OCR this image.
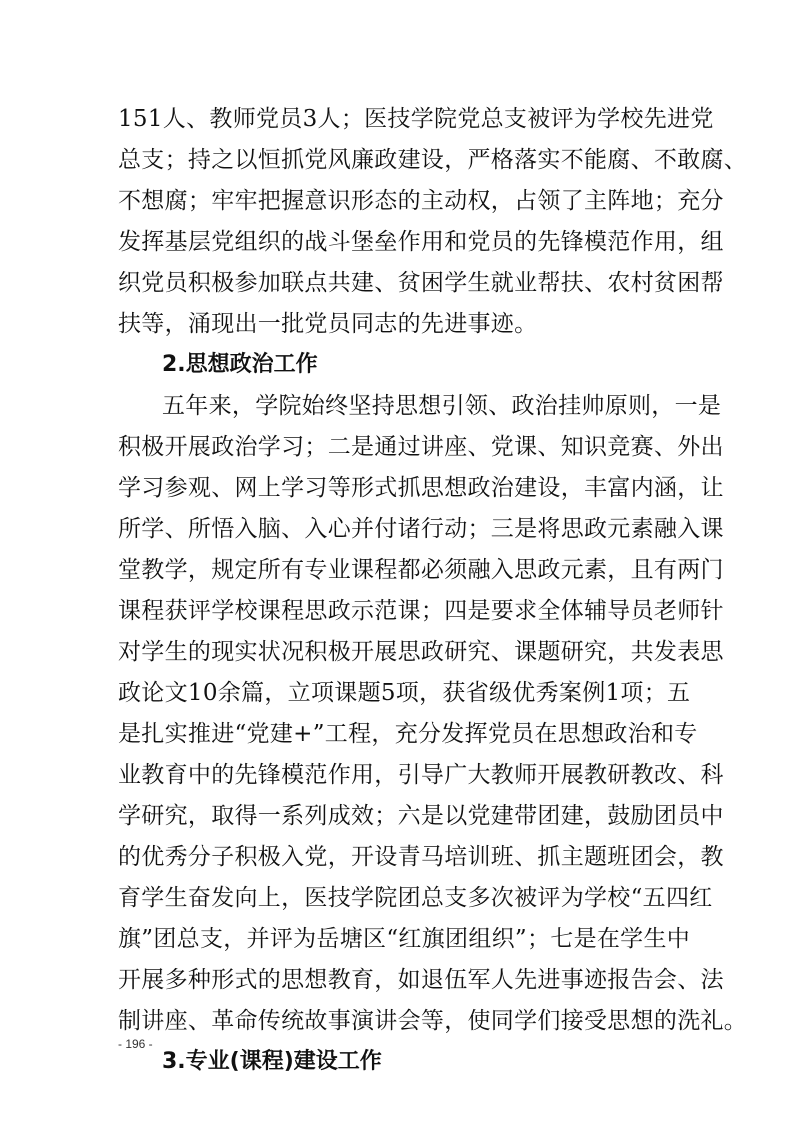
151人、教师党员3人；医技学院党总支被评为学校先进党
总支；持之以恒抓党风廉政建设，严格落实不能腐、不敢腐、
不想腐；牢牢把握意识形态的主动权，占领了主阵地；充分
发挥基层党组织的战斗堡垒作用和党员的先锋模范作用，组
织党员积极参加联点共建、贫困学生就业帮扶、农村贫困帮
扶等，涌现出一批党员同志的先进事迹。
2.思想政治工作
五年来，学院始终坚持思想引领、政治挂帅原则，一是
积极开展政治学习；二是通过讲座、党课、知识竞赛、外出
学习参观、网上学习等形式抓思想政治建设，丰富内涵，让
所学、所悟入脑、入心并付诸行动；三是将思政元素融入课
堂教学，规定所有专业课程都必须融入思政元素，且有两门
课程获评学校课程思政示范课；四是要求全体辅导员老师针
对学生的现实状况积极开展思政研究、课题研究，共发表思
政论文10余篇，立项课题5项，获省级优秀案例1项；五
是扎实推进“党建+”工程，充分发挥党员在思想政治和专
业教育中的先锋模范作用，引导广大教师开展教研教改、科
学研究，取得一系列成效；六是以党建带团建，鼓励团员中
的优秀分子积极入党，开设青马培训班、抓主题班团会，教
育学生奋发向上，医技学院团总支多次被评为学校“五四红
旗”团总支，并评为岳塘区“红旗团组织”；七是在学生中
开展多种形式的思想教育，如退伍军人先进事迹报告会、法
制讲座、革命传统故事演讲会等，使同学们接受思想的洗礼。
3.专业(课程)建设工作
- 196 -
